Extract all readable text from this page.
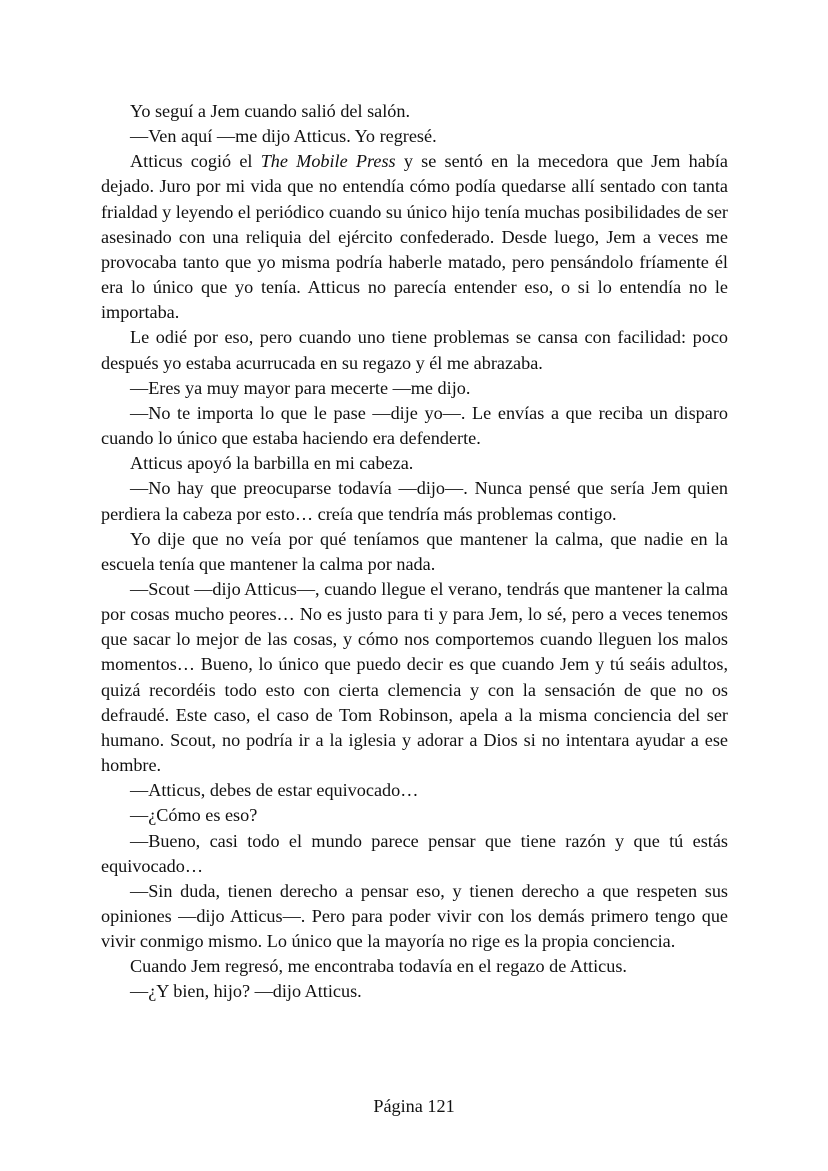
Yo seguí a Jem cuando salió del salón.

—Ven aquí —me dijo Atticus. Yo regresé.

Atticus cogió el The Mobile Press y se sentó en la mecedora que Jem había dejado. Juro por mi vida que no entendía cómo podía quedarse allí sentado con tanta frialdad y leyendo el periódico cuando su único hijo tenía muchas posibilidades de ser asesinado con una reliquia del ejército confederado. Desde luego, Jem a veces me provocaba tanto que yo misma podría haberle matado, pero pensándolo fríamente él era lo único que yo tenía. Atticus no parecía entender eso, o si lo entendía no le importaba.

Le odié por eso, pero cuando uno tiene problemas se cansa con facilidad: poco después yo estaba acurrucada en su regazo y él me abrazaba.

—Eres ya muy mayor para mecerte —me dijo.

—No te importa lo que le pase —dije yo—. Le envías a que reciba un disparo cuando lo único que estaba haciendo era defenderte.

Atticus apoyó la barbilla en mi cabeza.

—No hay que preocuparse todavía —dijo—. Nunca pensé que sería Jem quien perdiera la cabeza por esto… creía que tendría más problemas contigo.

Yo dije que no veía por qué teníamos que mantener la calma, que nadie en la escuela tenía que mantener la calma por nada.

—Scout —dijo Atticus—, cuando llegue el verano, tendrás que mantener la calma por cosas mucho peores… No es justo para ti y para Jem, lo sé, pero a veces tenemos que sacar lo mejor de las cosas, y cómo nos comportemos cuando lleguen los malos momentos… Bueno, lo único que puedo decir es que cuando Jem y tú seáis adultos, quizá recordéis todo esto con cierta clemencia y con la sensación de que no os defraudé. Este caso, el caso de Tom Robinson, apela a la misma conciencia del ser humano. Scout, no podría ir a la iglesia y adorar a Dios si no intentara ayudar a ese hombre.

—Atticus, debes de estar equivocado…

—¿Cómo es eso?

—Bueno, casi todo el mundo parece pensar que tiene razón y que tú estás equivocado…

—Sin duda, tienen derecho a pensar eso, y tienen derecho a que respeten sus opiniones —dijo Atticus—. Pero para poder vivir con los demás primero tengo que vivir conmigo mismo. Lo único que la mayoría no rige es la propia conciencia.

Cuando Jem regresó, me encontraba todavía en el regazo de Atticus.

—¿Y bien, hijo? —dijo Atticus.

Página 121
